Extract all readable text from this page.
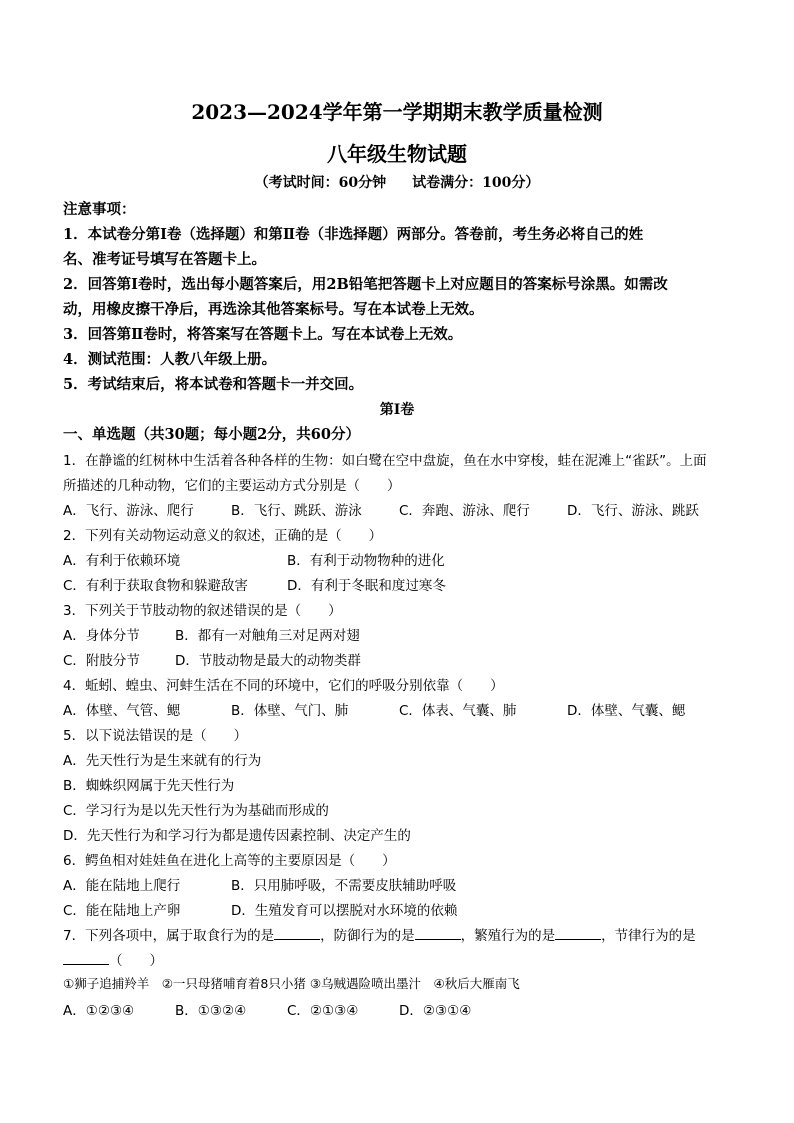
2023—2024学年第一学期期末教学质量检测
八年级生物试题
（考试时间：60分钟 试卷满分：100分）
注意事项：
1．本试卷分第Ⅰ卷（选择题）和第Ⅱ卷（非选择题）两部分。答卷前，考生务必将自己的姓
名、准考证号填写在答题卡上。
2．回答第Ⅰ卷时，选出每小题答案后，用2B铅笔把答题卡上对应题目的答案标号涂黑。如需改
动，用橡皮擦干净后，再选涂其他答案标号。写在本试卷上无效。
3．回答第Ⅱ卷时，将答案写在答题卡上。写在本试卷上无效。
4．测试范围：人教八年级上册。
5．考试结束后，将本试卷和答题卡一并交回。
第Ⅰ卷
一、单选题（共30题；每小题2分，共60分）
1．在静谧的红树林中生活着各种各样的生物：如白鹭在空中盘旋，鱼在水中穿梭，蛙在泥滩上“雀跃”。上面
所描述的几种动物，它们的主要运动方式分别是（　　）
A．飞行、游泳、爬行	B．飞行、跳跃、游泳	C．奔跑、游泳、爬行	D．飞行、游泳、跳跃
2．下列有关动物运动意义的叙述，正确的是（　　）
A．有利于依赖环境	B．有利于动物物种的进化
C．有利于获取食物和躲避敌害	D．有利于冬眠和度过寒冬
3．下列关于节肢动物的叙述错误的是（　　）
A．身体分节	B．都有一对触角三对足两对翅
C．附肢分节	D．节肢动物是最大的动物类群
4．蚯蚓、蝗虫、河蚌生活在不同的环境中，它们的呼吸分别依靠（　　）
A．体壁、气管、鳃	B．体壁、气门、肺	C．体表、气囊、肺	D．体壁、气囊、鳃
5．以下说法错误的是（　　）
A．先天性行为是生来就有的行为
B．蜘蛛织网属于先天性行为
C．学习行为是以先天性行为为基础而形成的
D．先天性行为和学习行为都是遗传因素控制、决定产生的
6．鳄鱼相对娃娃鱼在进化上高等的主要原因是（　　）
A．能在陆地上爬行	B．只用肺呼吸，不需要皮肤辅助呼吸
C．能在陆地上产卵	D．生殖发育可以摆脱对水环境的依赖
7．下列各项中，属于取食行为的是	，防御行为的是	，繁殖行为的是	，节律行为的是
（　　）
①狮子追捕羚羊　②一只母猪哺育着8只小猪 ③乌贼遇险喷出墨汁　④秋后大雁南飞
A．①②③④	B．①③②④	C．②①③④	D．②③①④
